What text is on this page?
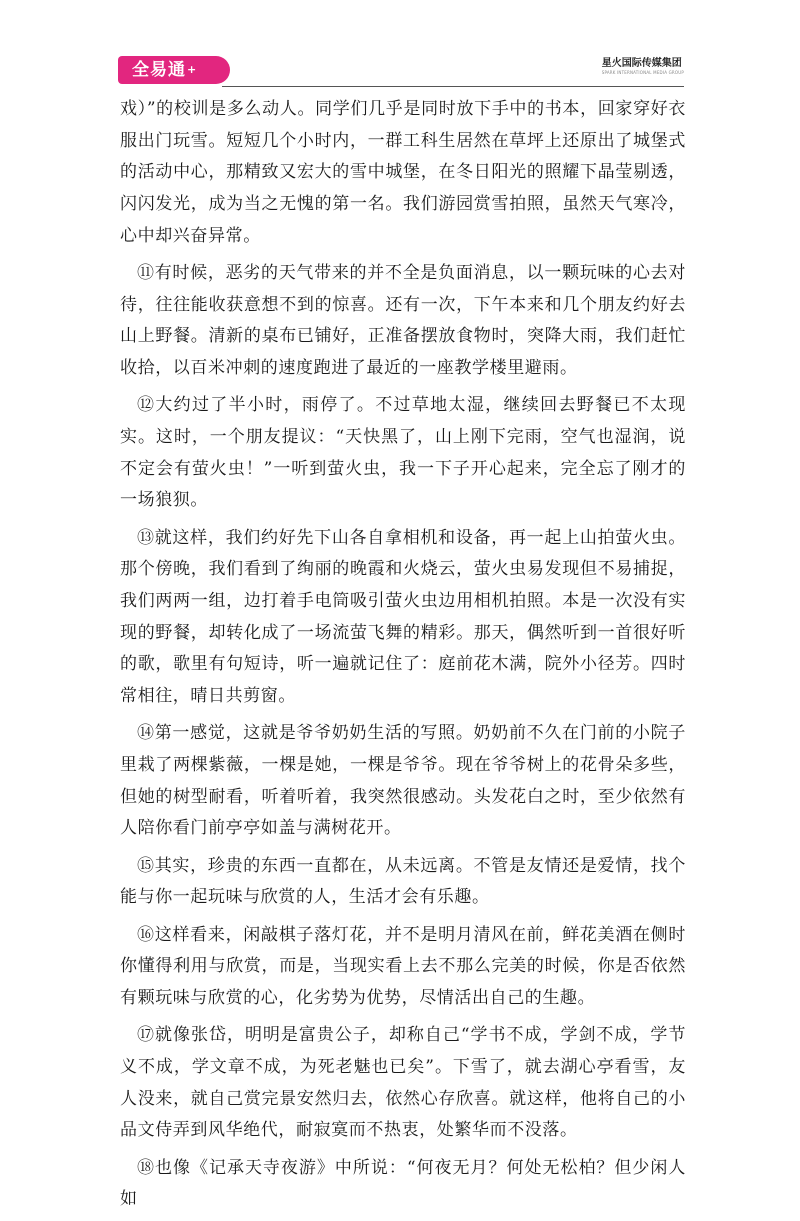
全易通+	星火国际传媒集团
SPARK INTERNATIONAL MEDIA GROUP

戏）”的校训是多么动人。同学们几乎是同时放下手中的书本，回家穿好衣服出门玩雪。短短几个小时内，一群工科生居然在草坪上还原出了城堡式的活动中心，那精致又宏大的雪中城堡，在冬日阳光的照耀下晶莹剔透，闪闪发光，成为当之无愧的第一名。我们游园赏雪拍照，虽然天气寒冷，心中却兴奋异常。

⑪有时候，恶劣的天气带来的并不全是负面消息，以一颗玩味的心去对待，往往能收获意想不到的惊喜。还有一次，下午本来和几个朋友约好去山上野餐。清新的桌布已铺好，正准备摆放食物时，突降大雨，我们赶忙收拾，以百米冲刺的速度跑进了最近的一座教学楼里避雨。

⑫大约过了半小时，雨停了。不过草地太湿，继续回去野餐已不太现实。这时，一个朋友提议：“天快黑了，山上刚下完雨，空气也湿润，说不定会有萤火虫！”一听到萤火虫，我一下子开心起来，完全忘了刚才的一场狼狈。

⑬就这样，我们约好先下山各自拿相机和设备，再一起上山拍萤火虫。那个傍晚，我们看到了绚丽的晚霞和火烧云，萤火虫易发现但不易捕捉，我们两两一组，边打着手电筒吸引萤火虫边用相机拍照。本是一次没有实现的野餐，却转化成了一场流萤飞舞的精彩。那天，偶然听到一首很好听的歌，歌里有句短诗，听一遍就记住了：庭前花木满，院外小径芳。四时常相往，晴日共剪窗。

⑭第一感觉，这就是爷爷奶奶生活的写照。奶奶前不久在门前的小院子里栽了两棵紫薇，一棵是她，一棵是爷爷。现在爷爷树上的花骨朵多些，但她的树型耐看，听着听着，我突然很感动。头发花白之时，至少依然有人陪你看门前亭亭如盖与满树花开。

⑮其实，珍贵的东西一直都在，从未远离。不管是友情还是爱情，找个能与你一起玩味与欣赏的人，生活才会有乐趣。

⑯这样看来，闲敲棋子落灯花，并不是明月清风在前，鲜花美酒在侧时你懂得利用与欣赏，而是，当现实看上去不那么完美的时候，你是否依然有颗玩味与欣赏的心，化劣势为优势，尽情活出自己的生趣。

⑰就像张岱，明明是富贵公子，却称自己“学书不成，学剑不成，学节义不成，学文章不成，为死老魅也已矣”。下雪了，就去湖心亭看雪，友人没来，就自己赏完景安然归去，依然心存欣喜。就这样，他将自己的小品文侍弄到风华绝代，耐寂寞而不热衷，处繁华而不没落。

⑱也像《记承天寺夜游》中所说：“何夜无月？何处无松柏？但少闲人如
